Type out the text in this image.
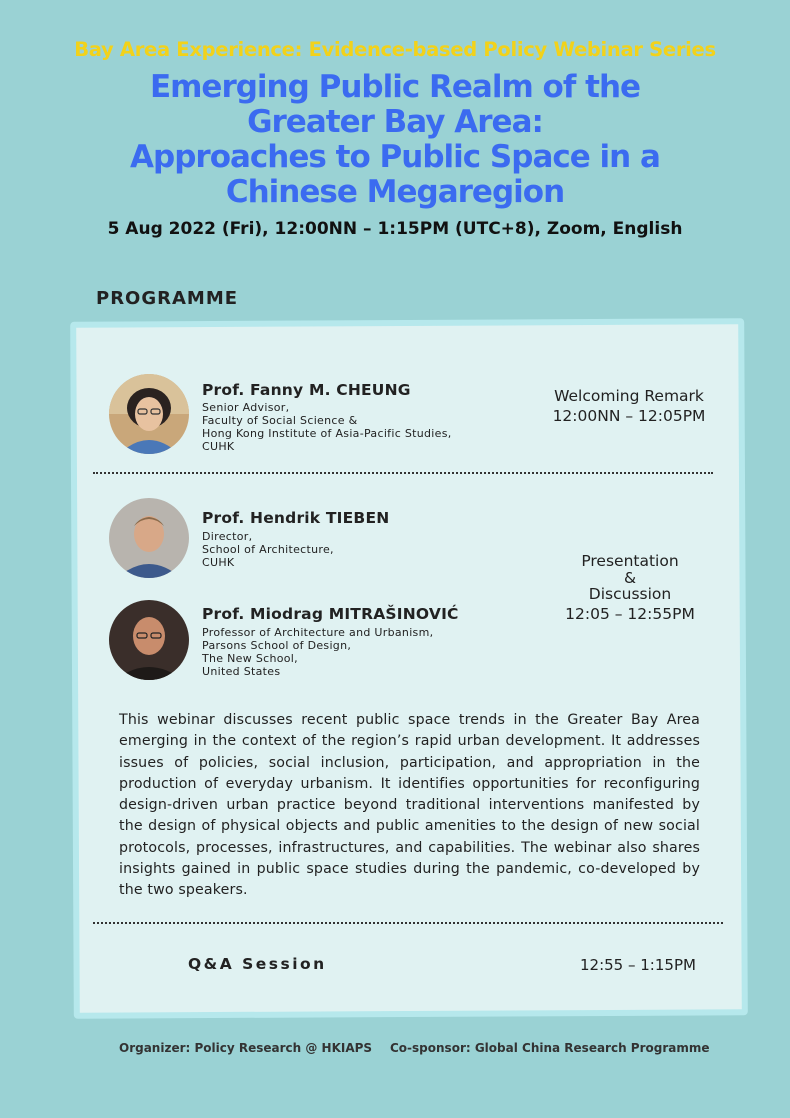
Bay Area Experience: Evidence-based Policy Webinar Series
Emerging Public Realm of the
Greater Bay Area:
Approaches to Public Space in a
Chinese Megaregion
5 Aug 2022 (Fri), 12:00NN – 1:15PM (UTC+8), Zoom, English
PROGRAMME
Prof. Fanny M. CHEUNG
Senior Advisor,
Faculty of Social Science &
Hong Kong Institute of Asia-Pacific Studies,
CUHK
Welcoming Remark
12:00NN – 12:05PM
Prof. Hendrik TIEBEN
Director,
School of Architecture,
CUHK
Prof. Miodrag MITRAŠINOVIĆ
Professor of Architecture and Urbanism,
Parsons School of Design,
The New School,
United States
Presentation
&
Discussion
12:05 – 12:55PM
This webinar discusses recent public space trends in the Greater Bay Area emerging in the context of the region’s rapid urban development. It addresses issues of policies, social inclusion, participation, and appropriation in the production of everyday urbanism. It identifies opportunities for reconfiguring design-driven urban practice beyond traditional interventions manifested by the design of physical objects and public amenities to the design of new social protocols, processes, infrastructures, and capabilities. The webinar also shares insights gained in public space studies during the pandemic, co-developed by the two speakers.
Q&A Session	12:55 – 1:15PM
Organizer: Policy Research @ HKIAPS Co-sponsor: Global China Research Programme
